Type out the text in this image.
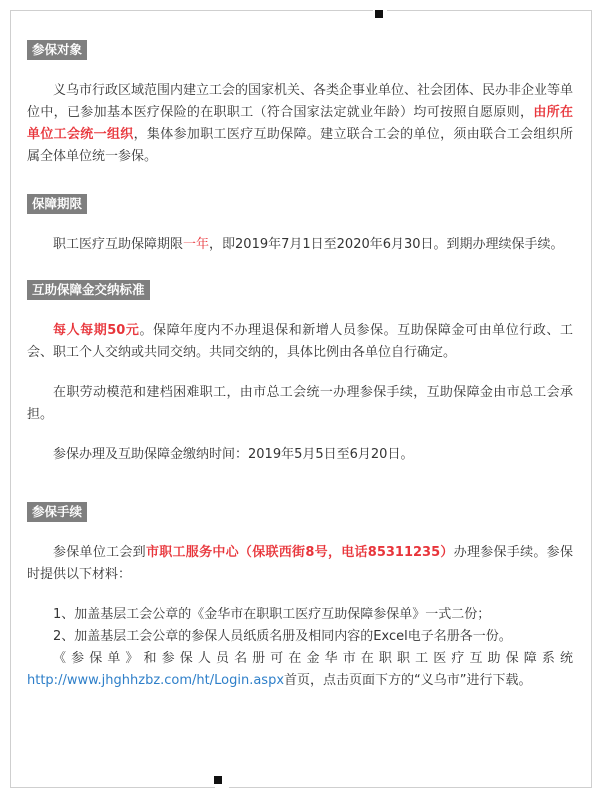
参保对象

义乌市行政区域范围内建立工会的国家机关、各类企事业单位、社会团体、民办非企业等单位中，已参加基本医疗保险的在职职工（符合国家法定就业年龄）均可按照自愿原则，由所在单位工会统一组织，集体参加职工医疗互助保障。建立联合工会的单位，须由联合工会组织所属全体单位统一参保。

保障期限

职工医疗互助保障期限一年，即2019年7月1日至2020年6月30日。到期办理续保手续。

互助保障金交纳标准

每人每期50元。保障年度内不办理退保和新增人员参保。互助保障金可由单位行政、工会、职工个人交纳或共同交纳。共同交纳的，具体比例由各单位自行确定。

在职劳动模范和建档困难职工，由市总工会统一办理参保手续，互助保障金由市总工会承担。

参保办理及互助保障金缴纳时间：2019年5月5日至6月20日。

参保手续

参保单位工会到市职工服务中心（保联西街8号，电话85311235）办理参保手续。参保时提供以下材料：

1、加盖基层工会公章的《金华市在职职工医疗互助保障参保单》一式二份；

2、加盖基层工会公章的参保人员纸质名册及相同内容的Excel电子名册各一份。

《参保单》和参保人员名册可在金华市在职职工医疗互助保障系统http://www.jhghhzbz.com/ht/Login.aspx首页，点击页面下方的“义乌市”进行下载。
